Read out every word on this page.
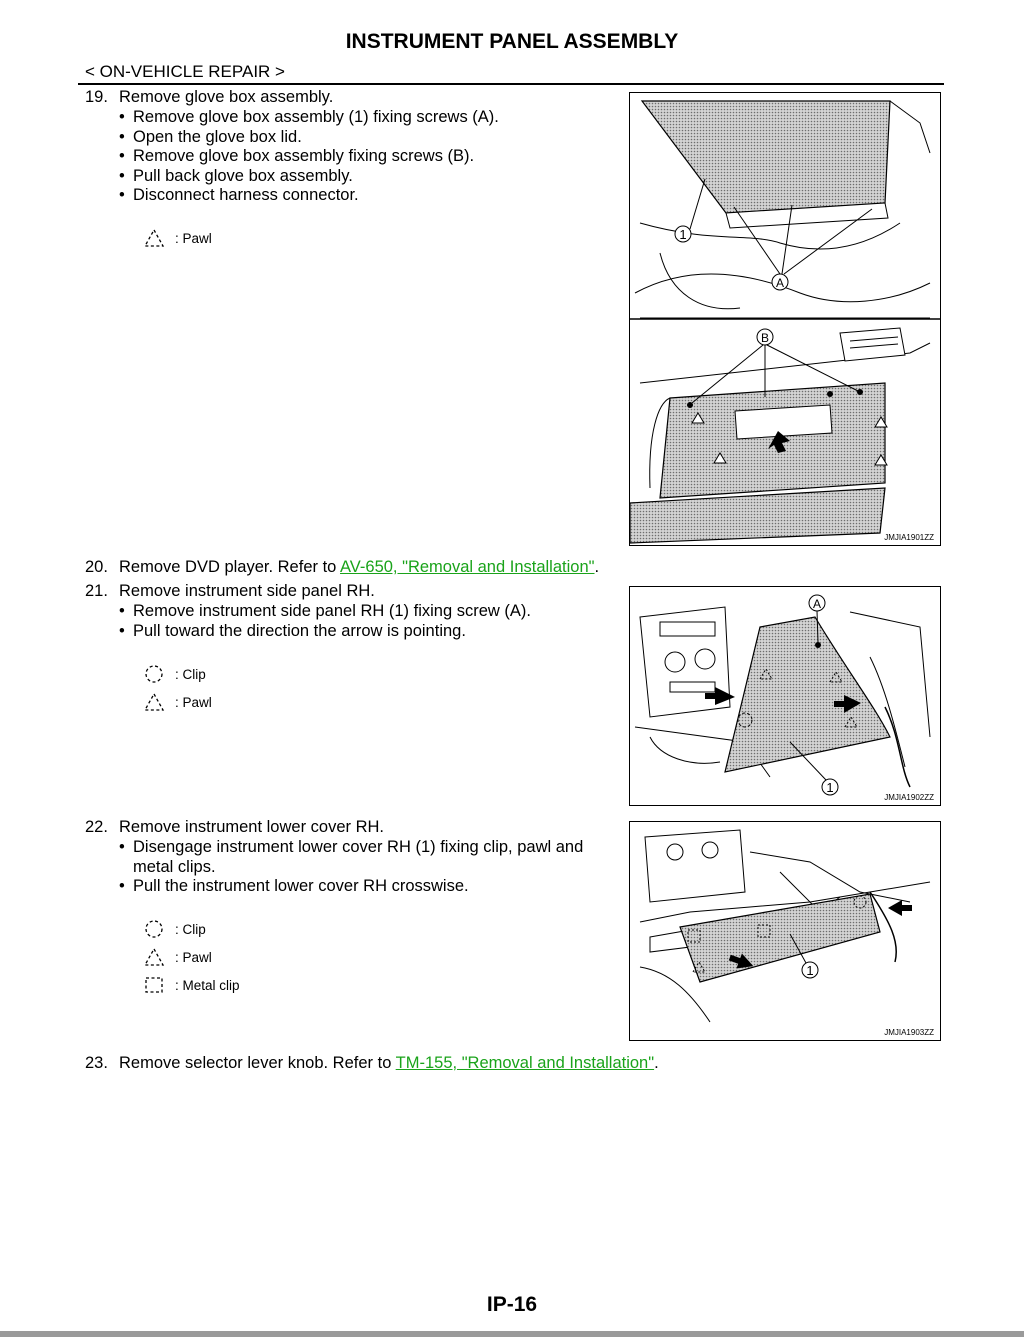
INSTRUMENT PANEL ASSEMBLY
< ON-VEHICLE REPAIR >
19. Remove glove box assembly.
• Remove glove box assembly (1) fixing screws (A).
• Open the glove box lid.
• Remove glove box assembly fixing screws (B).
• Pull back glove box assembly.
• Disconnect harness connector.
: Pawl	1
A
B
JMJIA1901ZZ
20. Remove DVD player. Refer to AV-650, "Removal and Installation".
21. Remove instrument side panel RH.
• Remove instrument side panel RH (1) fixing screw (A).
• Pull toward the direction the arrow is pointing.
: Clip
: Pawl
A
1
JMJIA1902ZZ
22. Remove instrument lower cover RH.
• Disengage instrument lower cover RH (1) fixing clip, pawl and
metal clips.
• Pull the instrument lower cover RH crosswise.
: Clip
: Pawl
: Metal clip
1
JMJIA1903ZZ
23. Remove selector lever knob. Refer to TM-155, "Removal and Installation".
IP-16
